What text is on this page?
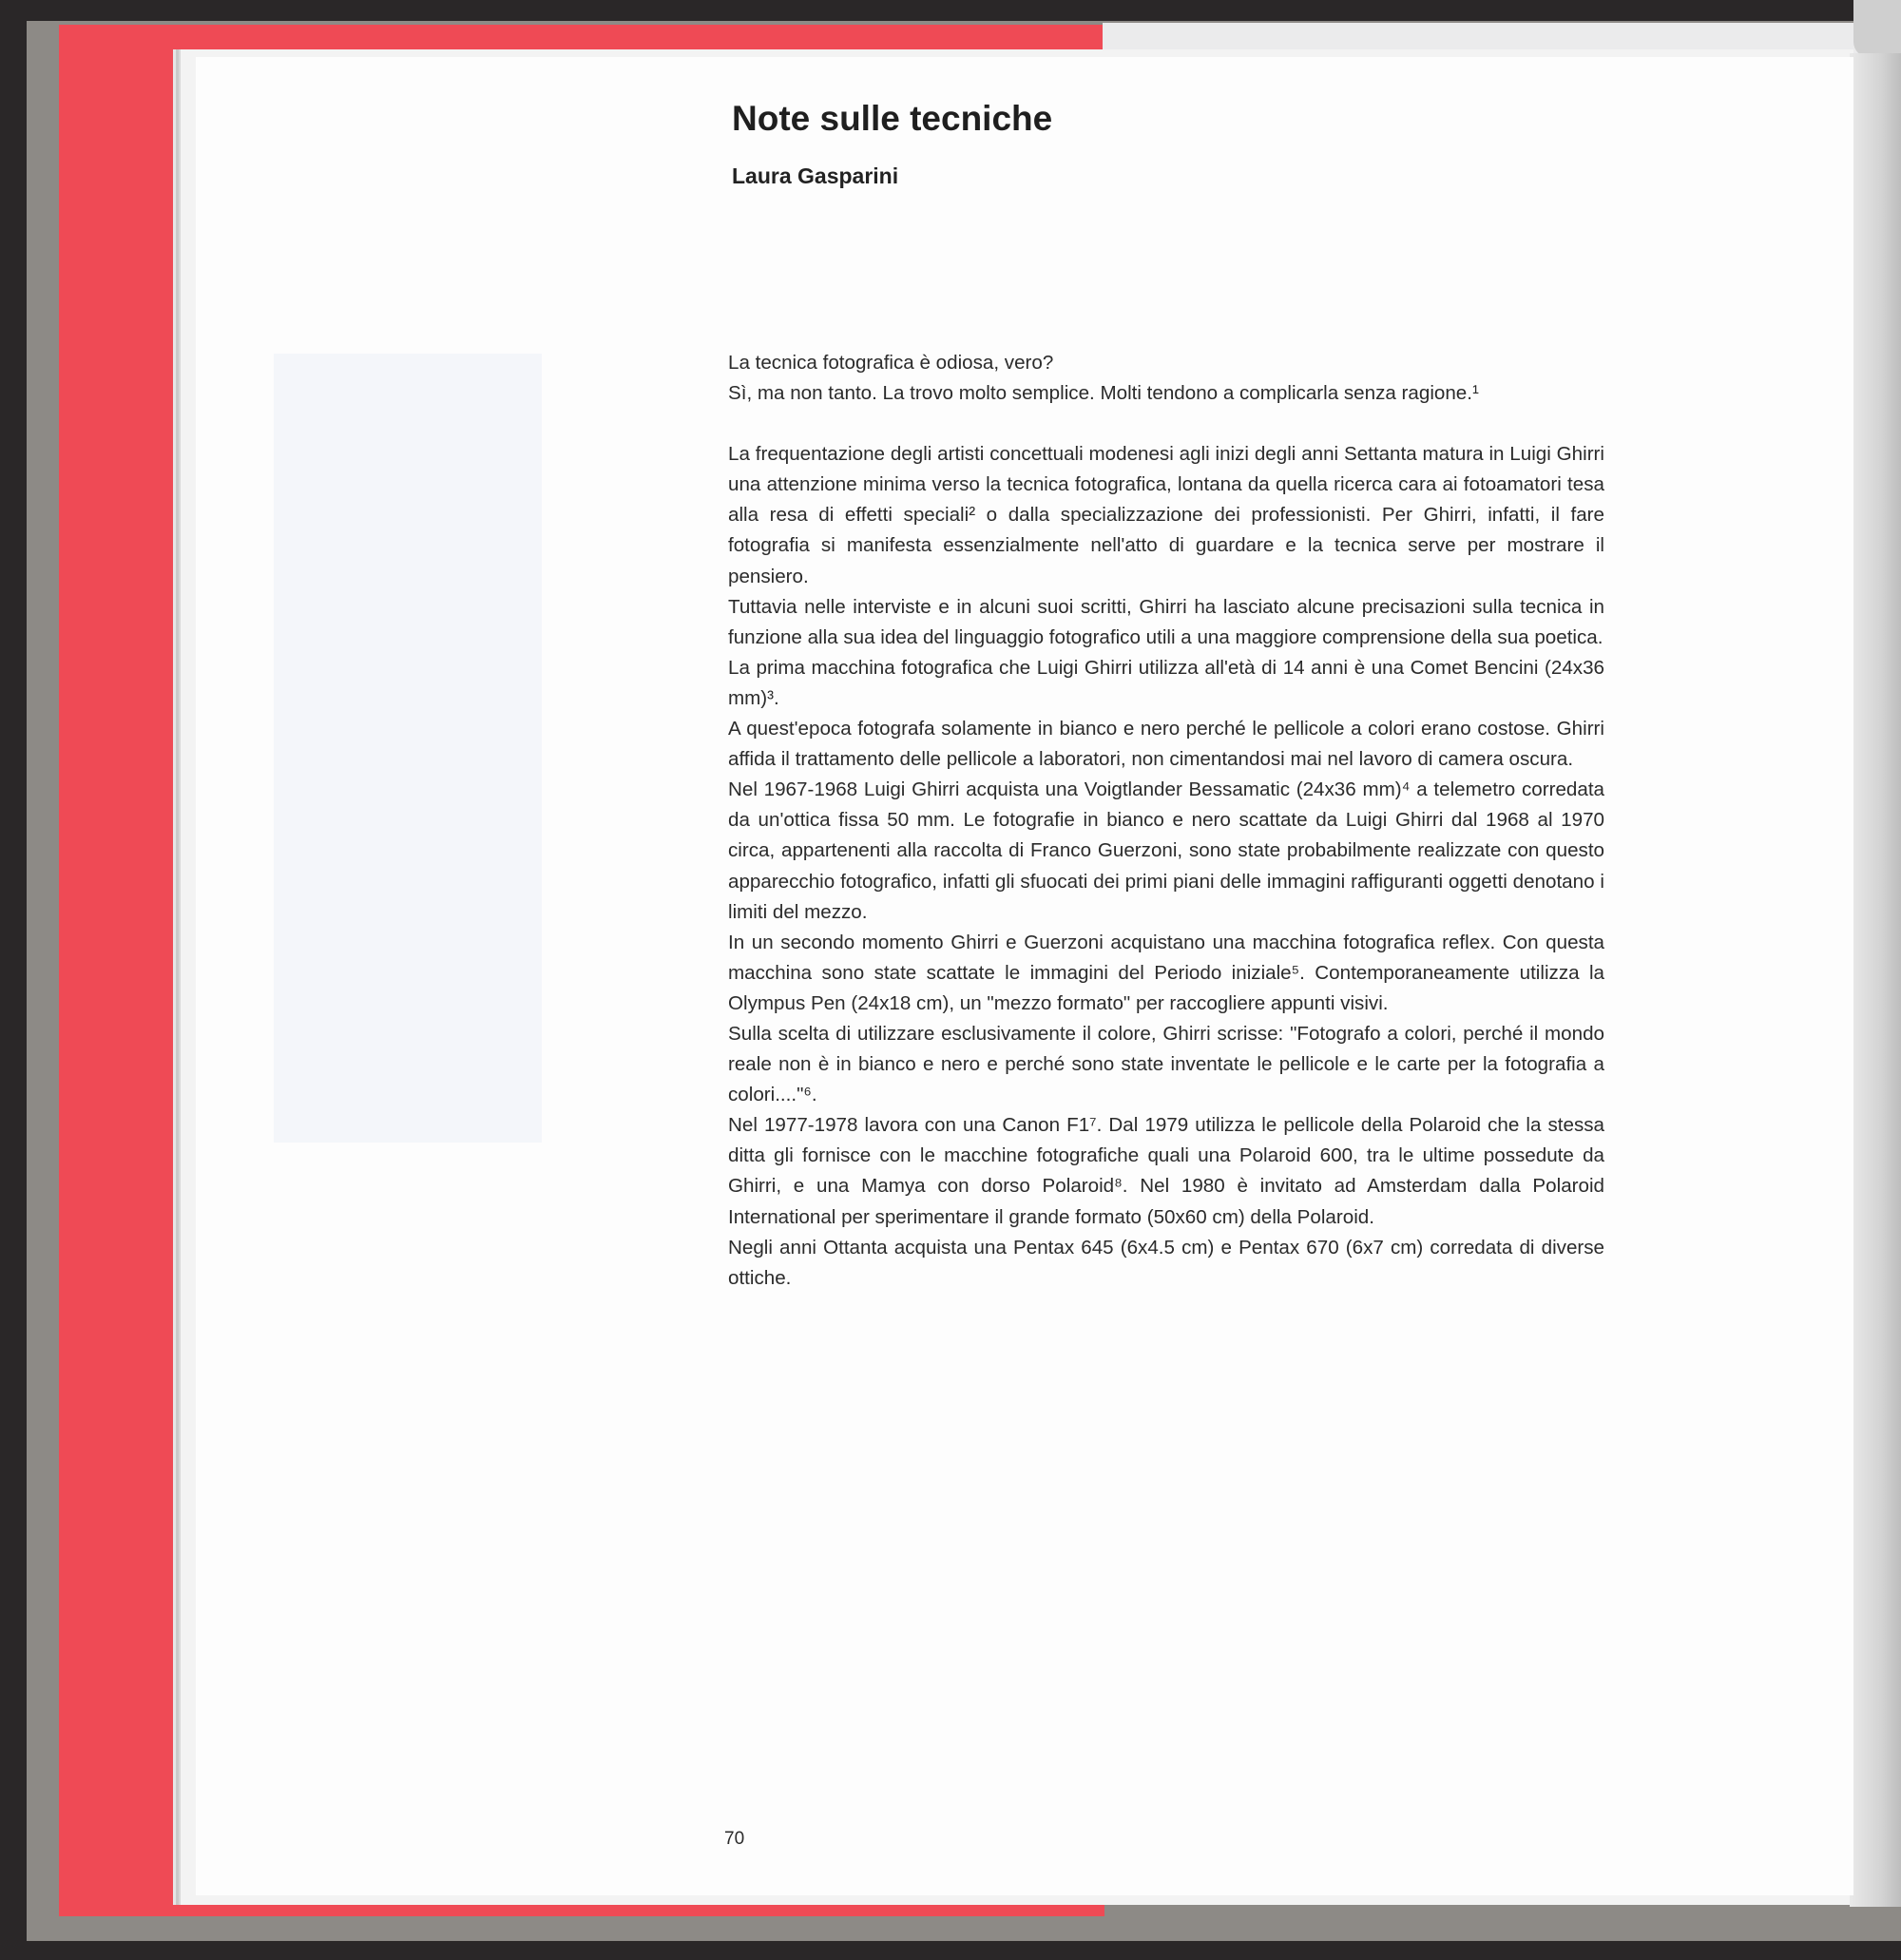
Note sulle tecniche
Laura Gasparini

La tecnica fotografica è odiosa, vero?

Sì, ma non tanto. La trovo molto semplice. Molti tendono a complicarla senza ragione.¹

La frequentazione degli artisti concettuali modenesi agli inizi degli anni Settanta matura in Luigi Ghirri una attenzione minima verso la tecnica fotografica, lontana da quella ricerca cara ai fotoamatori tesa alla resa di effetti speciali² o dalla specializzazione dei professionisti. Per Ghirri, infatti, il fare fotografia si manifesta essenzialmente nell'atto di guardare e la tecnica serve per mostrare il pensiero.

Tuttavia nelle interviste e in alcuni suoi scritti, Ghirri ha lasciato alcune precisazioni sulla tecnica in funzione alla sua idea del linguaggio fotografico utili a una maggiore comprensione della sua poetica.

La prima macchina fotografica che Luigi Ghirri utilizza all'età di 14 anni è una Comet Bencini (24x36 mm)³.

A quest'epoca fotografa solamente in bianco e nero perché le pellicole a colori erano costose. Ghirri affida il trattamento delle pellicole a laboratori, non cimentandosi mai nel lavoro di camera oscura.

Nel 1967-1968 Luigi Ghirri acquista una Voigtlander Bessamatic (24x36 mm)⁴ a telemetro corredata da un'ottica fissa 50 mm. Le fotografie in bianco e nero scattate da Luigi Ghirri dal 1968 al 1970 circa, appartenenti alla raccolta di Franco Guerzoni, sono state probabilmente realizzate con questo apparecchio fotografico, infatti gli sfuocati dei primi piani delle immagini raffiguranti oggetti denotano i limiti del mezzo.

In un secondo momento Ghirri e Guerzoni acquistano una macchina fotografica reflex. Con questa macchina sono state scattate le immagini del Periodo iniziale⁵. Contemporaneamente utilizza la Olympus Pen (24x18 cm), un "mezzo formato" per raccogliere appunti visivi.

Sulla scelta di utilizzare esclusivamente il colore, Ghirri scrisse: "Fotografo a colori, perché il mondo reale non è in bianco e nero e perché sono state inventate le pellicole e le carte per la fotografia a colori...."⁶.

Nel 1977-1978 lavora con una Canon F1⁷. Dal 1979 utilizza le pellicole della Polaroid che la stessa ditta gli fornisce con le macchine fotografiche quali una Polaroid 600, tra le ultime possedute da Ghirri, e una Mamya con dorso Polaroid⁸. Nel 1980 è invitato ad Amsterdam dalla Polaroid International per sperimentare il grande formato (50x60 cm) della Polaroid.

Negli anni Ottanta acquista una Pentax 645 (6x4.5 cm) e Pentax 670 (6x7 cm) corredata di diverse ottiche.

70
